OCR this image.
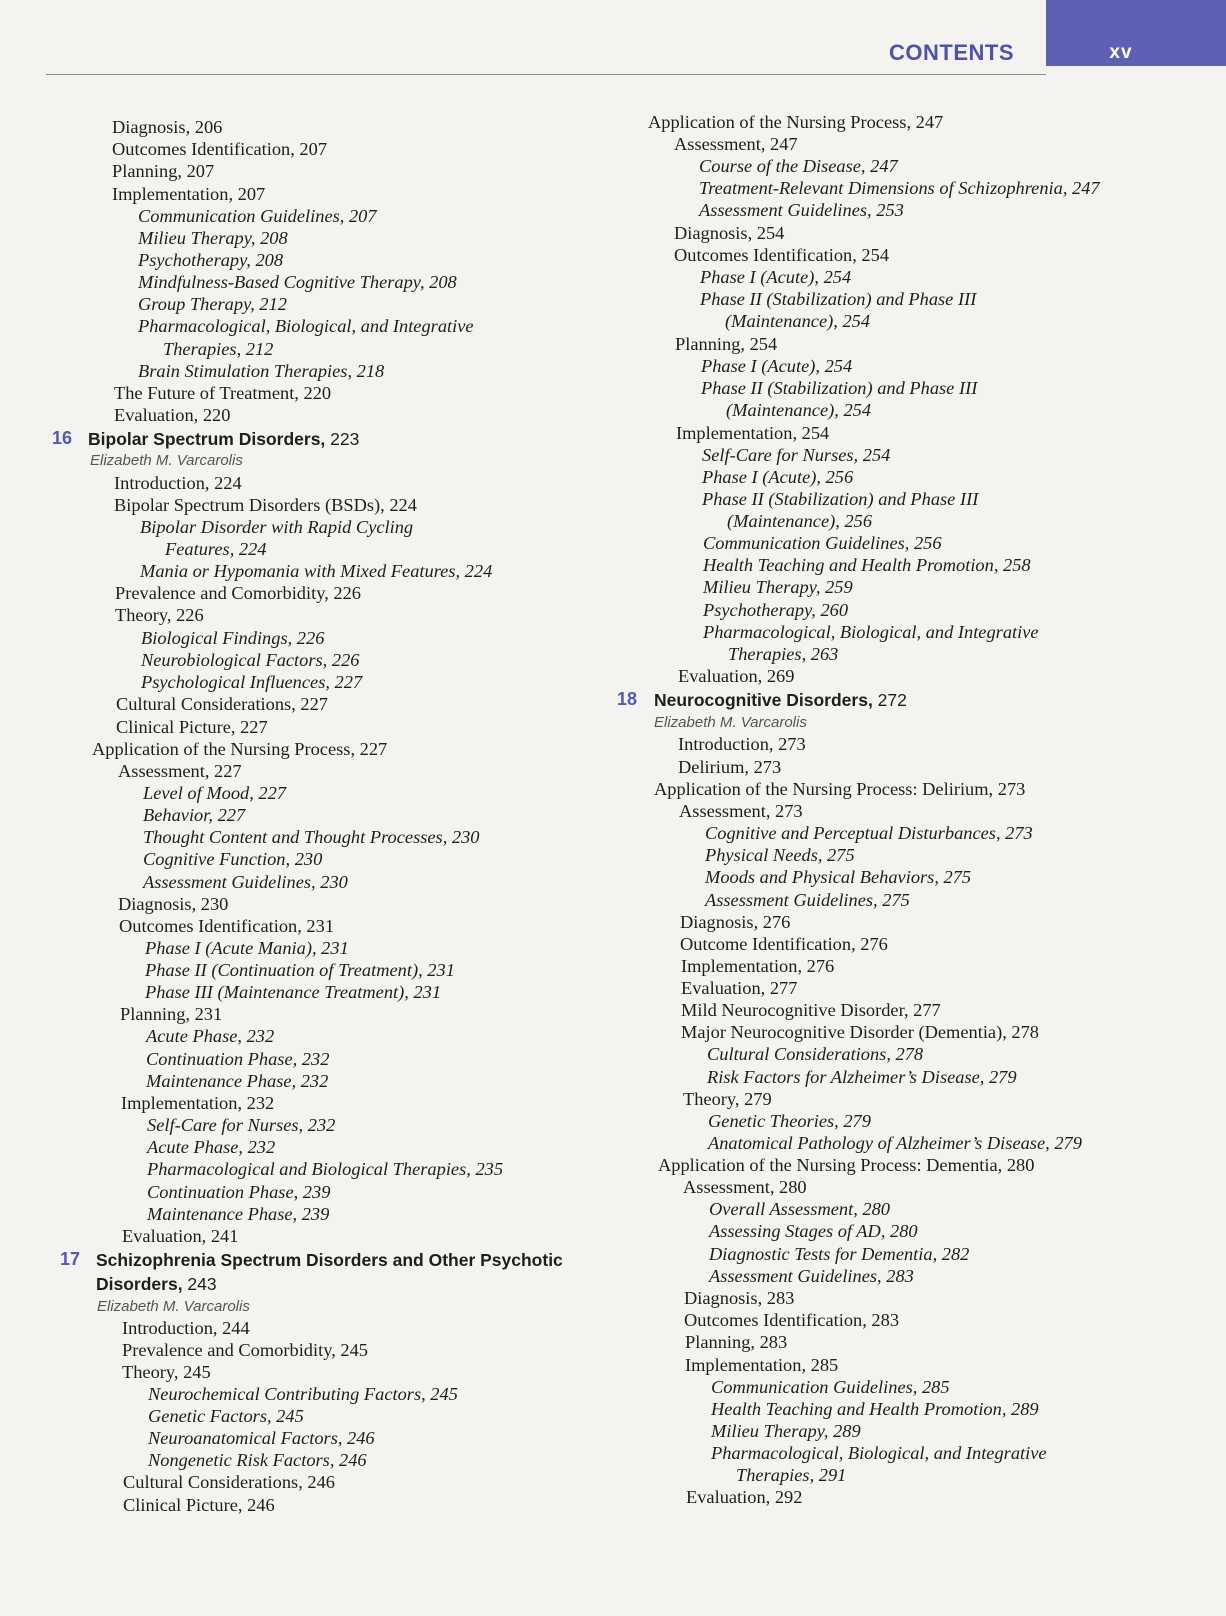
xv
CONTENTS
Diagnosis, 206
Outcomes Identification, 207
Planning, 207
Implementation, 207
Communication Guidelines, 207
Milieu Therapy, 208
Psychotherapy, 208
Mindfulness-Based Cognitive Therapy, 208
Group Therapy, 212
Pharmacological, Biological, and Integrative
Therapies, 212
Brain Stimulation Therapies, 218
The Future of Treatment, 220
Evaluation, 220
16 Bipolar Spectrum Disorders, 223
Elizabeth M. Varcarolis
Introduction, 224
Bipolar Spectrum Disorders (BSDs), 224
Bipolar Disorder with Rapid Cycling
Features, 224
Mania or Hypomania with Mixed Features, 224
Prevalence and Comorbidity, 226
Theory, 226
Biological Findings, 226
Neurobiological Factors, 226
Psychological Influences, 227
Cultural Considerations, 227
Clinical Picture, 227
Application of the Nursing Process, 227
Assessment, 227
Level of Mood, 227
Behavior, 227
Thought Content and Thought Processes, 230
Cognitive Function, 230
Assessment Guidelines, 230
Diagnosis, 230
Outcomes Identification, 231
Phase I (Acute Mania), 231
Phase II (Continuation of Treatment), 231
Phase III (Maintenance Treatment), 231
Planning, 231
Acute Phase, 232
Continuation Phase, 232
Maintenance Phase, 232
Implementation, 232
Self-Care for Nurses, 232
Acute Phase, 232
Pharmacological and Biological Therapies, 235
Continuation Phase, 239
Maintenance Phase, 239
Evaluation, 241
17 Schizophrenia Spectrum Disorders and Other Psychotic
Disorders, 243
Elizabeth M. Varcarolis
Introduction, 244
Prevalence and Comorbidity, 245
Theory, 245
Neurochemical Contributing Factors, 245
Genetic Factors, 245
Neuroanatomical Factors, 246
Nongenetic Risk Factors, 246
Cultural Considerations, 246
Clinical Picture, 246
Application of the Nursing Process, 247
Assessment, 247
Course of the Disease, 247
Treatment-Relevant Dimensions of Schizophrenia, 247
Assessment Guidelines, 253
Diagnosis, 254
Outcomes Identification, 254
Phase I (Acute), 254
Phase II (Stabilization) and Phase III
(Maintenance), 254
Planning, 254
Phase I (Acute), 254
Phase II (Stabilization) and Phase III
(Maintenance), 254
Implementation, 254
Self-Care for Nurses, 254
Phase I (Acute), 256
Phase II (Stabilization) and Phase III
(Maintenance), 256
Communication Guidelines, 256
Health Teaching and Health Promotion, 258
Milieu Therapy, 259
Psychotherapy, 260
Pharmacological, Biological, and Integrative
Therapies, 263
Evaluation, 269
18 Neurocognitive Disorders, 272
Elizabeth M. Varcarolis
Introduction, 273
Delirium, 273
Application of the Nursing Process: Delirium, 273
Assessment, 273
Cognitive and Perceptual Disturbances, 273
Physical Needs, 275
Moods and Physical Behaviors, 275
Assessment Guidelines, 275
Diagnosis, 276
Outcome Identification, 276
Implementation, 276
Evaluation, 277
Mild Neurocognitive Disorder, 277
Major Neurocognitive Disorder (Dementia), 278
Cultural Considerations, 278
Risk Factors for Alzheimer’s Disease, 279
Theory, 279
Genetic Theories, 279
Anatomical Pathology of Alzheimer’s Disease, 279
Application of the Nursing Process: Dementia, 280
Assessment, 280
Overall Assessment, 280
Assessing Stages of AD, 280
Diagnostic Tests for Dementia, 282
Assessment Guidelines, 283
Diagnosis, 283
Outcomes Identification, 283
Planning, 283
Implementation, 285
Communication Guidelines, 285
Health Teaching and Health Promotion, 289
Milieu Therapy, 289
Pharmacological, Biological, and Integrative
Therapies, 291
Evaluation, 292
